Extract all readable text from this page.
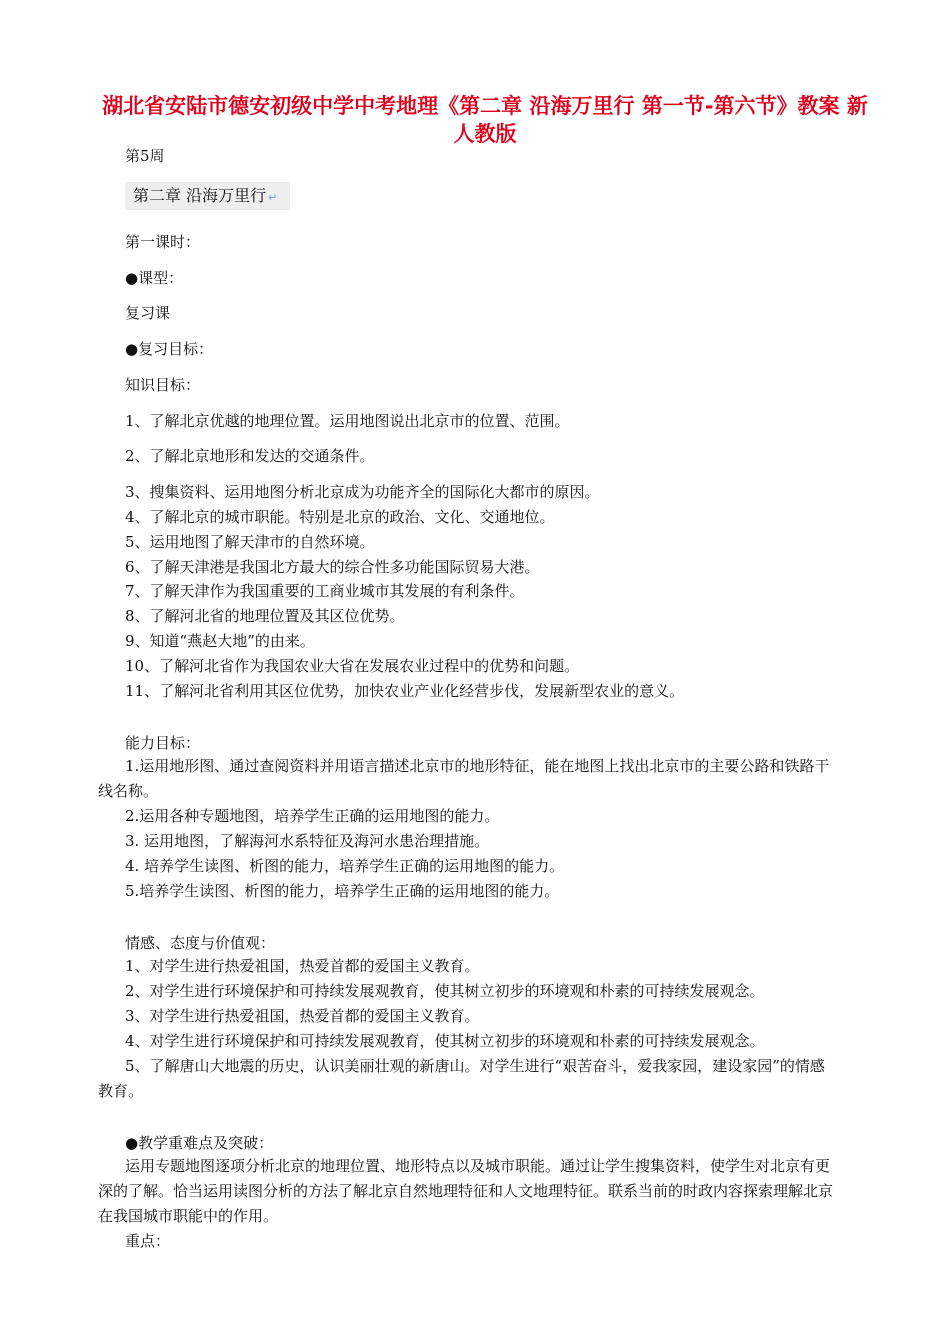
湖北省安陆市德安初级中学中考地理《第二章 沿海万里行 第一节-第六节》教案 新人教版
第5周
第二章 沿海万里行 ↵
第一课时：
●课型：
复习课
●复习目标：
知识目标：
1、了解北京优越的地理位置。运用地图说出北京市的位置、范围。
2、了解北京地形和发达的交通条件。
3、搜集资料、运用地图分析北京成为功能齐全的国际化大都市的原因。
4、了解北京的城市职能。特别是北京的政治、文化、交通地位。
5、运用地图了解天津市的自然环境。
6、了解天津港是我国北方最大的综合性多功能国际贸易大港。
7、了解天津作为我国重要的工商业城市其发展的有利条件。
8、了解河北省的地理位置及其区位优势。
9、知道“燕赵大地”的由来。
10、了解河北省作为我国农业大省在发展农业过程中的优势和问题。
11、了解河北省利用其区位优势，加快农业产业化经营步伐，发展新型农业的意义。
能力目标：
1.运用地形图、通过查阅资料并用语言描述北京市的地形特征，能在地图上找出北京市的主要公路和铁路干线名称。
2.运用各种专题地图，培养学生正确的运用地图的能力。
3. 运用地图，了解海河水系特征及海河水患治理措施。
4. 培养学生读图、析图的能力，培养学生正确的运用地图的能力。
5.培养学生读图、析图的能力，培养学生正确的运用地图的能力。
情感、态度与价值观：
1、对学生进行热爱祖国，热爱首都的爱国主义教育。
2、对学生进行环境保护和可持续发展观教育，使其树立初步的环境观和朴素的可持续发展观念。
3、对学生进行热爱祖国，热爱首都的爱国主义教育。
4、对学生进行环境保护和可持续发展观教育，使其树立初步的环境观和朴素的可持续发展观念。
5、了解唐山大地震的历史，认识美丽壮观的新唐山。对学生进行“艰苦奋斗，爱我家园，建设家园”的情感教育。
●教学重难点及突破：
运用专题地图逐项分析北京的地理位置、地形特点以及城市职能。通过让学生搜集资料，使学生对北京有更深的了解。恰当运用读图分析的方法了解北京自然地理特征和人文地理特征。联系当前的时政内容探索理解北京在我国城市职能中的作用。
重点：
